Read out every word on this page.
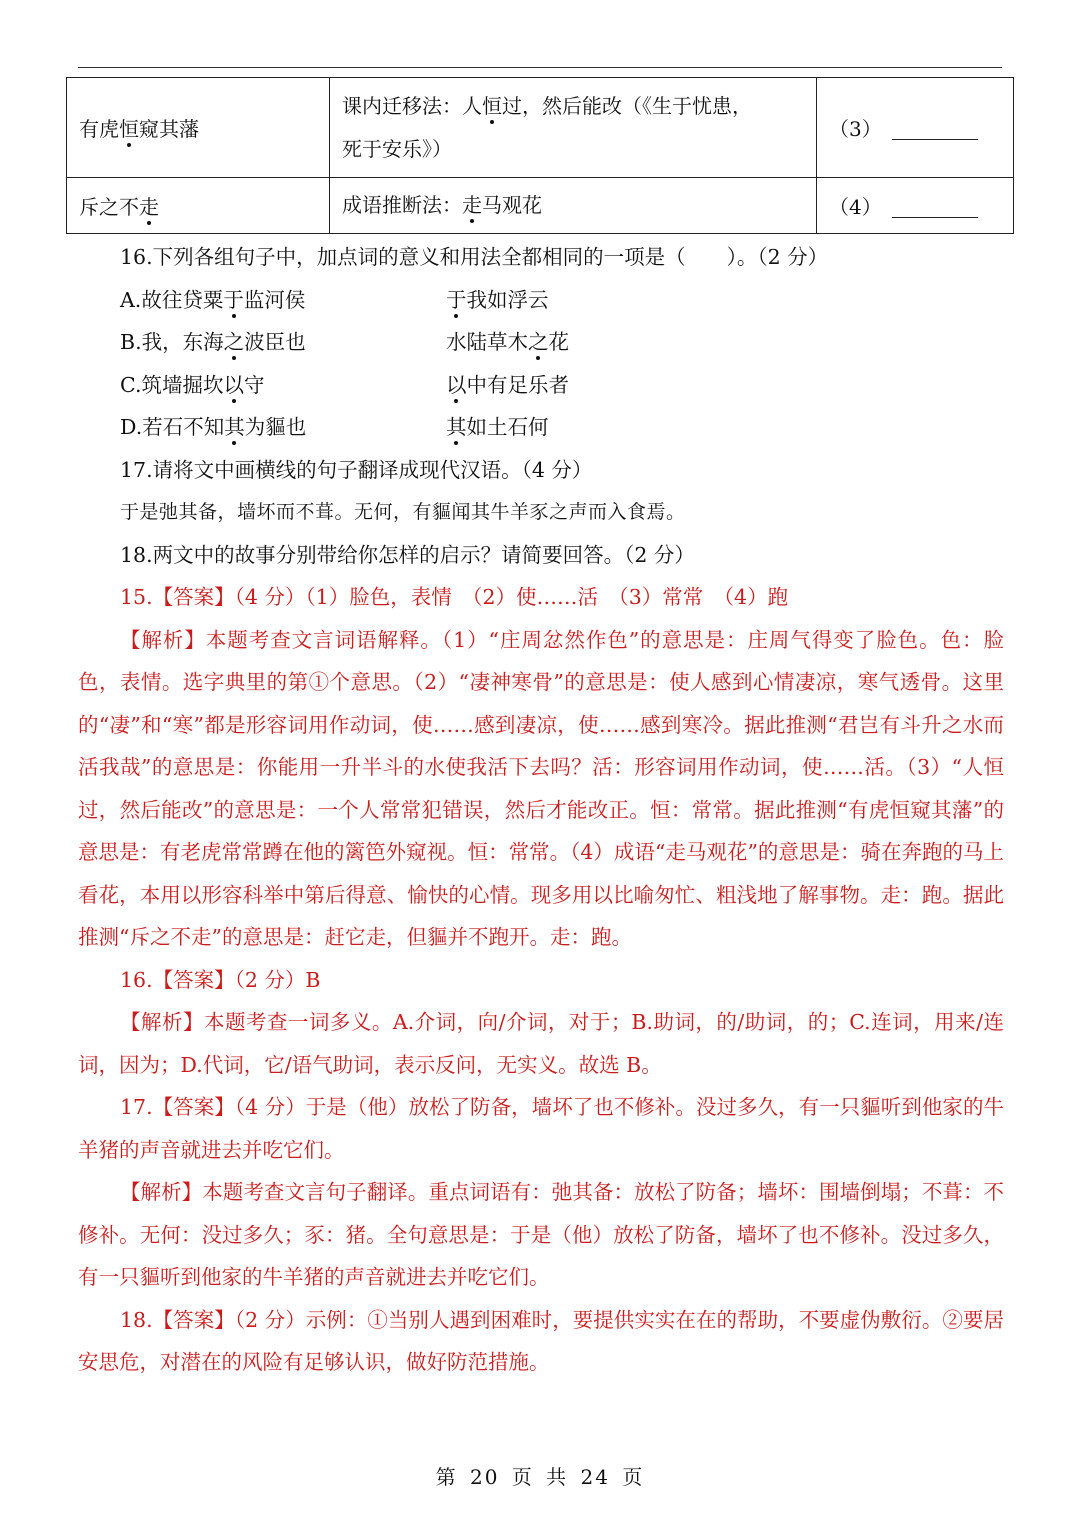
有虎恒窥其藩	课内迁移法：人恒过，然后能改（《生于忧患，
死于安乐》）	（3）
斥之不走	成语推断法：走马观花	（4）
16.下列各组句子中，加点词的意义和用法全都相同的一项是（　　）。（2 分）
A.故往贷粟于监河侯	于我如浮云
B.我，东海之波臣也	水陆草木之花
C.筑墙掘坎以守	以中有足乐者
D.若石不知其为貙也	其如土石何
17.请将文中画横线的句子翻译成现代汉语。（4 分）
于是弛其备，墙坏而不葺。无何，有貙闻其牛羊豕之声而入食焉。
18.两文中的故事分别带给你怎样的启示？请简要回答。（2 分）

15.【答案】（4 分）（1）脸色，表情　（2）使……活　（3）常常　（4）跑

【解析】本题考查文言词语解释。（1）“庄周忿然作色”的意思是：庄周气得变了脸色。色：脸色，表情。选字典里的第①个意思。（2）“凄神寒骨”的意思是：使人感到心情凄凉，寒气透骨。这里的“凄”和“寒”都是形容词用作动词，使……感到凄凉，使……感到寒冷。据此推测“君岂有斗升之水而活我哉”的意思是：你能用一升半斗的水使我活下去吗？活：形容词用作动词，使……活。（3）“人恒过，然后能改”的意思是：一个人常常犯错误，然后才能改正。恒：常常。据此推测“有虎恒窥其藩”的意思是：有老虎常常蹲在他的篱笆外窥视。恒：常常。（4）成语“走马观花”的意思是：骑在奔跑的马上看花，本用以形容科举中第后得意、愉快的心情。现多用以比喻匆忙、粗浅地了解事物。走：跑。据此推测“斥之不走”的意思是：赶它走，但貙并不跑开。走：跑。

16.【答案】（2 分）B

【解析】本题考查一词多义。A.介词，向/介词，对于；B.助词，的/助词，的；C.连词，用来/连词，因为；D.代词，它/语气助词，表示反问，无实义。故选 B。

17.【答案】（4 分）于是（他）放松了防备，墙坏了也不修补。没过多久，有一只貙听到他家的牛羊猪的声音就进去并吃它们。

【解析】本题考查文言句子翻译。重点词语有：弛其备：放松了防备；墙坏：围墙倒塌；不葺：不修补。无何：没过多久；豕：猪。全句意思是：于是（他）放松了防备，墙坏了也不修补。没过多久，有一只貙听到他家的牛羊猪的声音就进去并吃它们。

18.【答案】（2 分）示例：①当别人遇到困难时，要提供实实在在的帮助，不要虚伪敷衍。②要居安思危，对潜在的风险有足够认识，做好防范措施。

第 20 页 共 24 页
